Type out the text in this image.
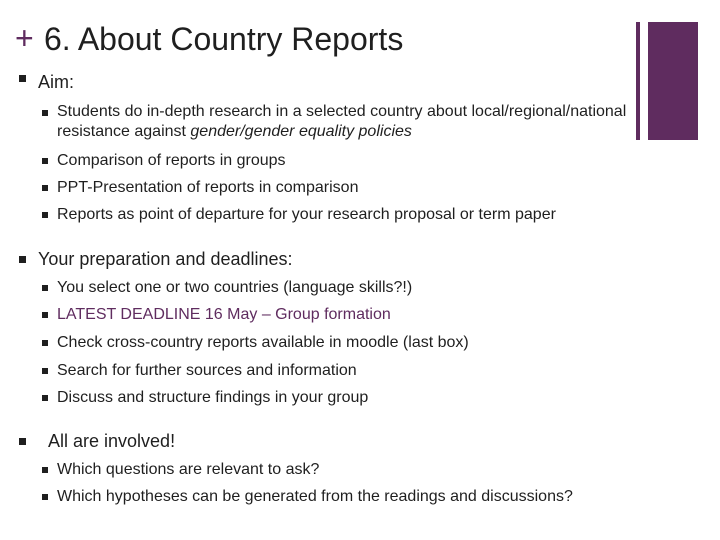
+ 6. About Country Reports
Aim:
Students do in-depth research in a selected country about local/regional/national resistance against gender/gender equality policies
Comparison of reports in groups
PPT-Presentation of reports in comparison
Reports as point of departure for your research proposal or term paper
Your preparation and deadlines:
You select one or two countries (language skills?!)
LATEST DEADLINE 16 May – Group formation
Check cross-country reports available in moodle (last box)
Search for further sources and information
Discuss and structure findings in your group
All are involved!
Which questions are relevant to ask?
Which hypotheses can be generated from the readings and discussions?
